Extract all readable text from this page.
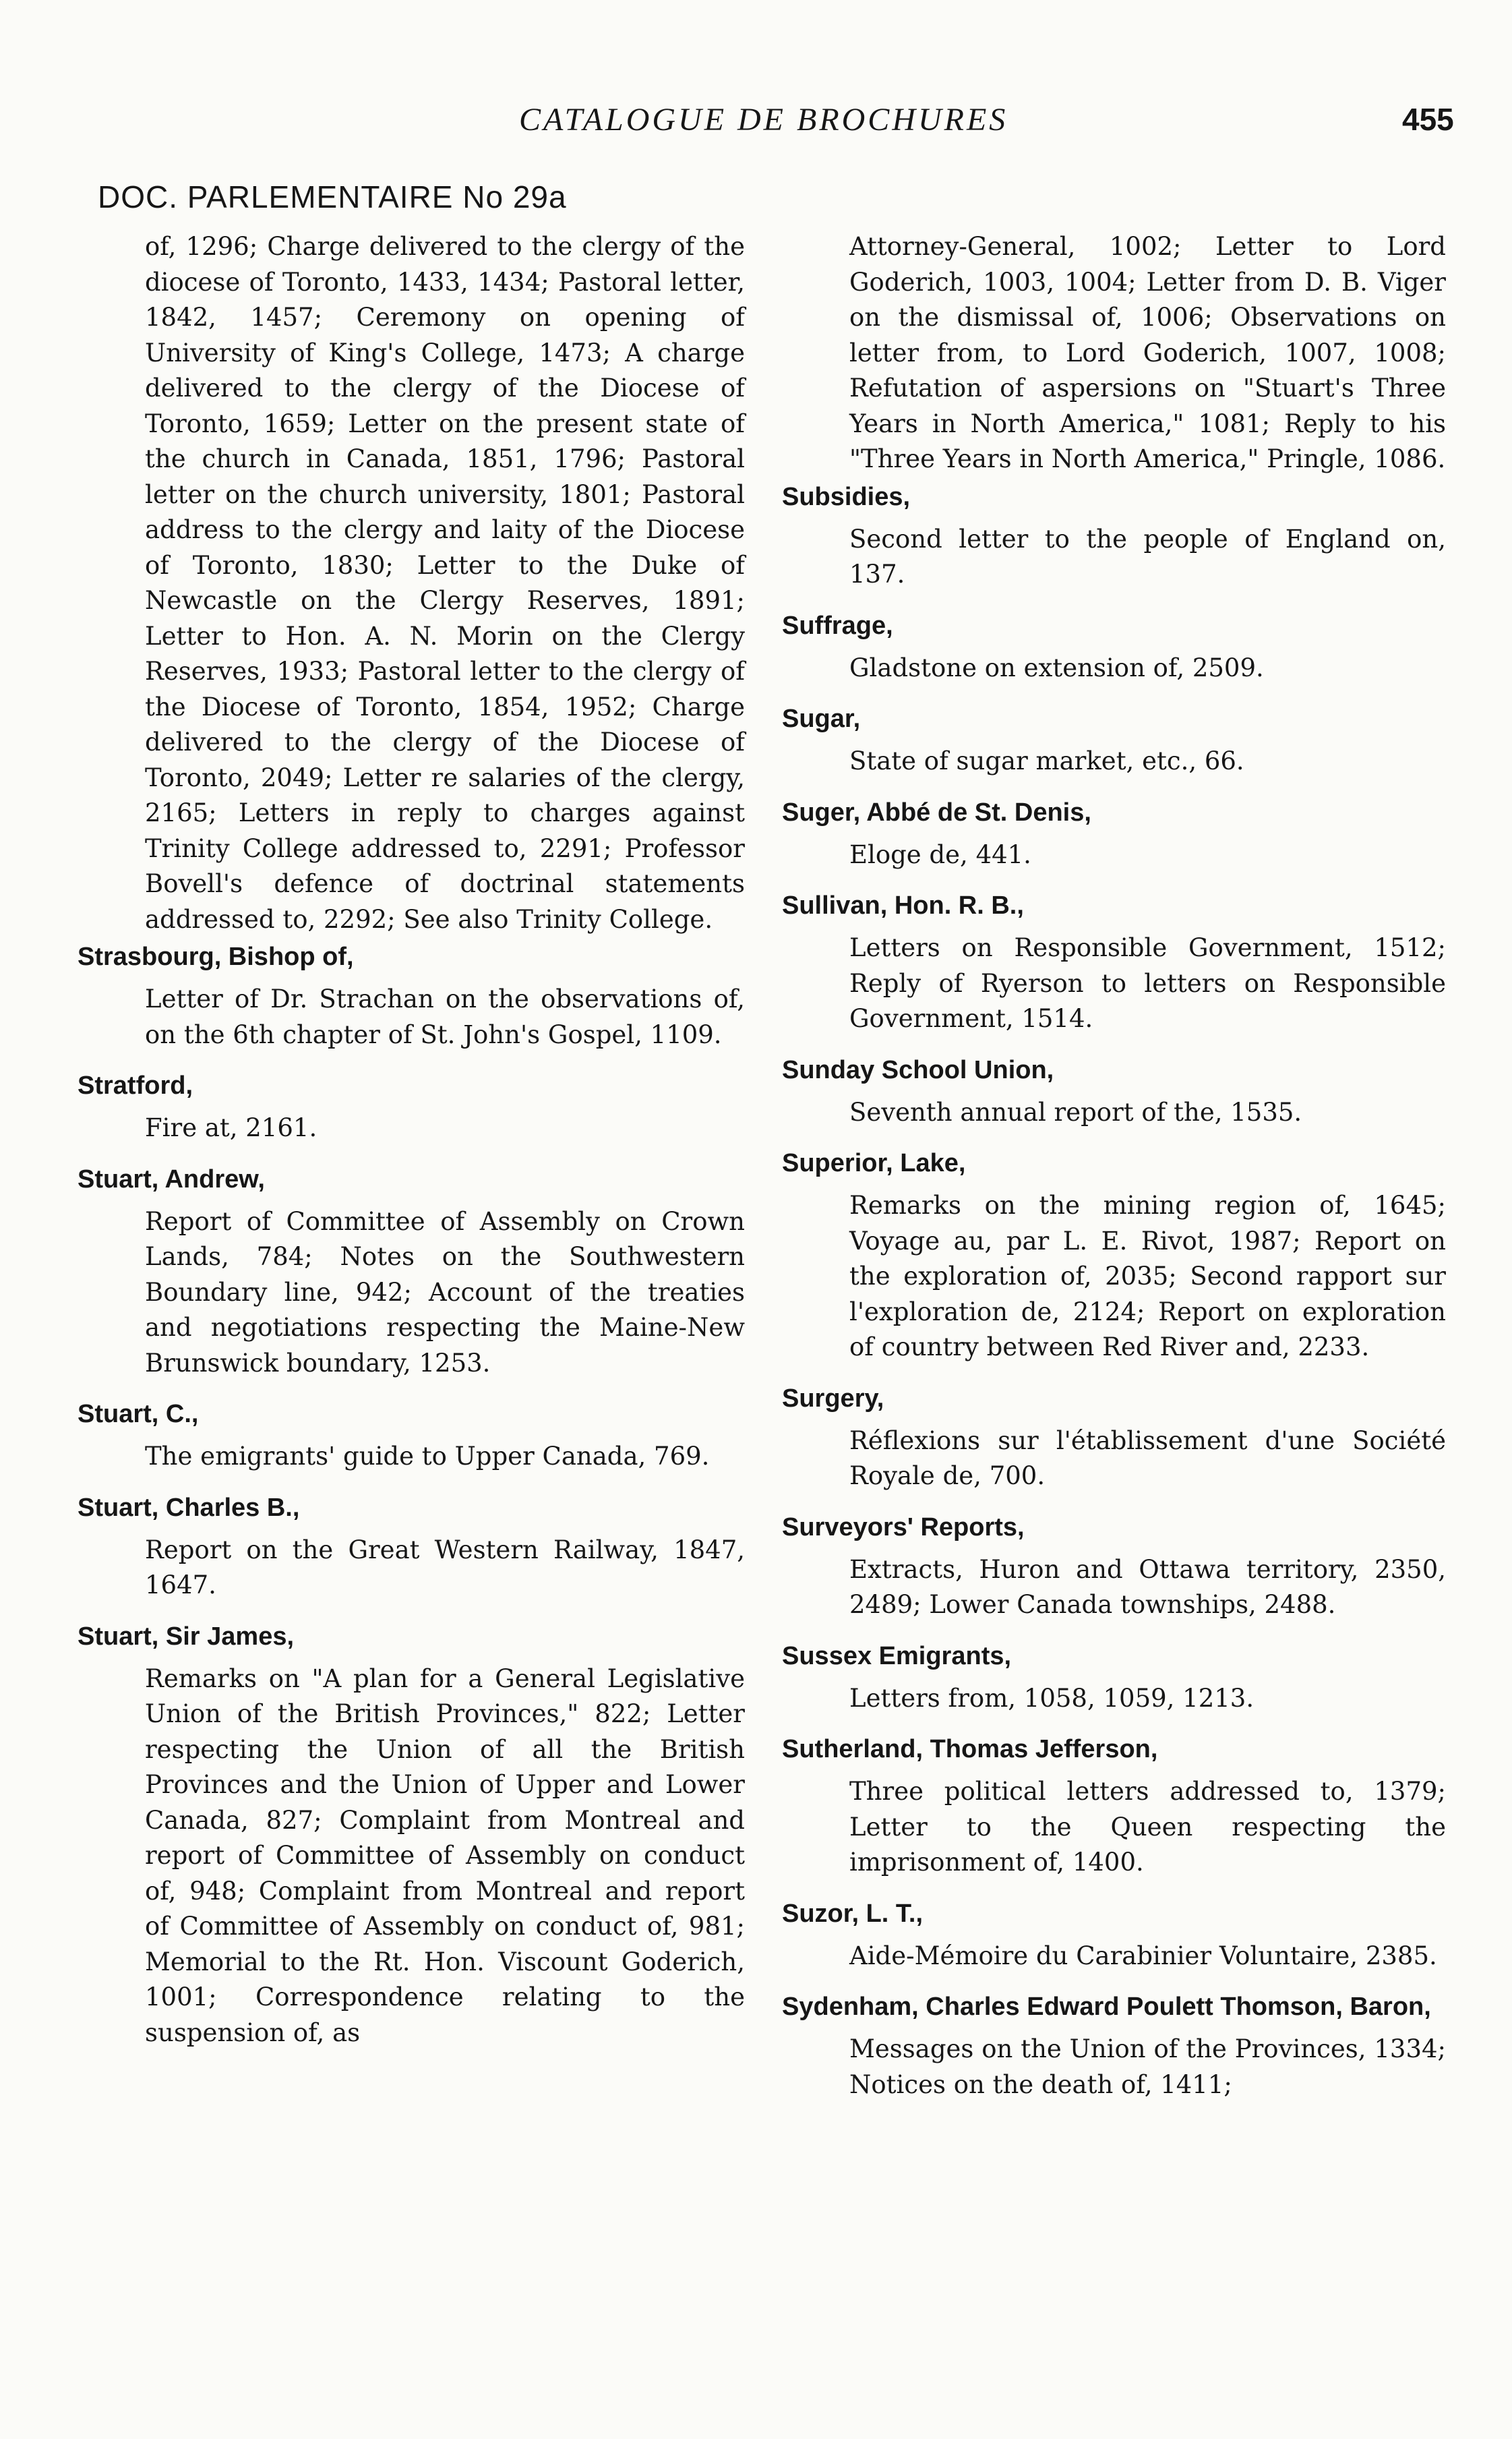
CATALOGUE DE BROCHURES	455
DOC. PARLEMENTAIRE No 29a

of, 1296; Charge delivered to the clergy of the diocese of Toronto, 1433, 1434; Pastoral letter, 1842, 1457; Ceremony on opening of University of King's College, 1473; A charge delivered to the clergy of the Diocese of Toronto, 1659; Letter on the present state of the church in Canada, 1851, 1796; Pastoral letter on the church university, 1801; Pastoral address to the clergy and laity of the Diocese of Toronto, 1830; Letter to the Duke of Newcastle on the Clergy Reserves, 1891; Letter to Hon. A. N. Morin on the Clergy Reserves, 1933; Pastoral letter to the clergy of the Diocese of Toronto, 1854, 1952; Charge delivered to the clergy of the Diocese of Toronto, 2049; Letter re salaries of the clergy, 2165; Letters in reply to charges against Trinity College addressed to, 2291; Professor Bovell's defence of doctrinal statements addressed to, 2292; See also Trinity College.

Strasbourg, Bishop of,

Letter of Dr. Strachan on the observations of, on the 6th chapter of St. John's Gospel, 1109.

Stratford,

Fire at, 2161.

Stuart, Andrew,

Report of Committee of Assembly on Crown Lands, 784; Notes on the Southwestern Boundary line, 942; Account of the treaties and negotiations respecting the Maine-New Brunswick boundary, 1253.

Stuart, C.,

The emigrants' guide to Upper Canada, 769.

Stuart, Charles B.,

Report on the Great Western Railway, 1847, 1647.

Stuart, Sir James,

Remarks on "A plan for a General Legislative Union of the British Provinces," 822; Letter respecting the Union of all the British Provinces and the Union of Upper and Lower Canada, 827; Complaint from Montreal and report of Committee of Assembly on conduct of, 948; Complaint from Montreal and report of Committee of Assembly on conduct of, 981; Memorial to the Rt. Hon. Viscount Goderich, 1001; Correspondence relating to the suspension of, as

Attorney-General, 1002; Letter to Lord Goderich, 1003, 1004; Letter from D. B. Viger on the dismissal of, 1006; Observations on letter from, to Lord Goderich, 1007, 1008; Refutation of aspersions on "Stuart's Three Years in North America," 1081; Reply to his "Three Years in North America," Pringle, 1086.

Subsidies,

Second letter to the people of England on, 137.

Suffrage,

Gladstone on extension of, 2509.

Sugar,

State of sugar market, etc., 66.

Suger, Abbé de St. Denis,

Eloge de, 441.

Sullivan, Hon. R. B.,

Letters on Responsible Government, 1512; Reply of Ryerson to letters on Responsible Government, 1514.

Sunday School Union,

Seventh annual report of the, 1535.

Superior, Lake,

Remarks on the mining region of, 1645; Voyage au, par L. E. Rivot, 1987; Report on the exploration of, 2035; Second rapport sur l'exploration de, 2124; Report on exploration of country between Red River and, 2233.

Surgery,

Réflexions sur l'établissement d'une Société Royale de, 700.

Surveyors' Reports,

Extracts, Huron and Ottawa territory, 2350, 2489; Lower Canada townships, 2488.

Sussex Emigrants,

Letters from, 1058, 1059, 1213.

Sutherland, Thomas Jefferson,

Three political letters addressed to, 1379; Letter to the Queen respecting the imprisonment of, 1400.

Suzor, L. T.,

Aide-Mémoire du Carabinier Voluntaire, 2385.

Sydenham, Charles Edward Poulett Thomson, Baron,

Messages on the Union of the Provinces, 1334; Notices on the death of, 1411;
